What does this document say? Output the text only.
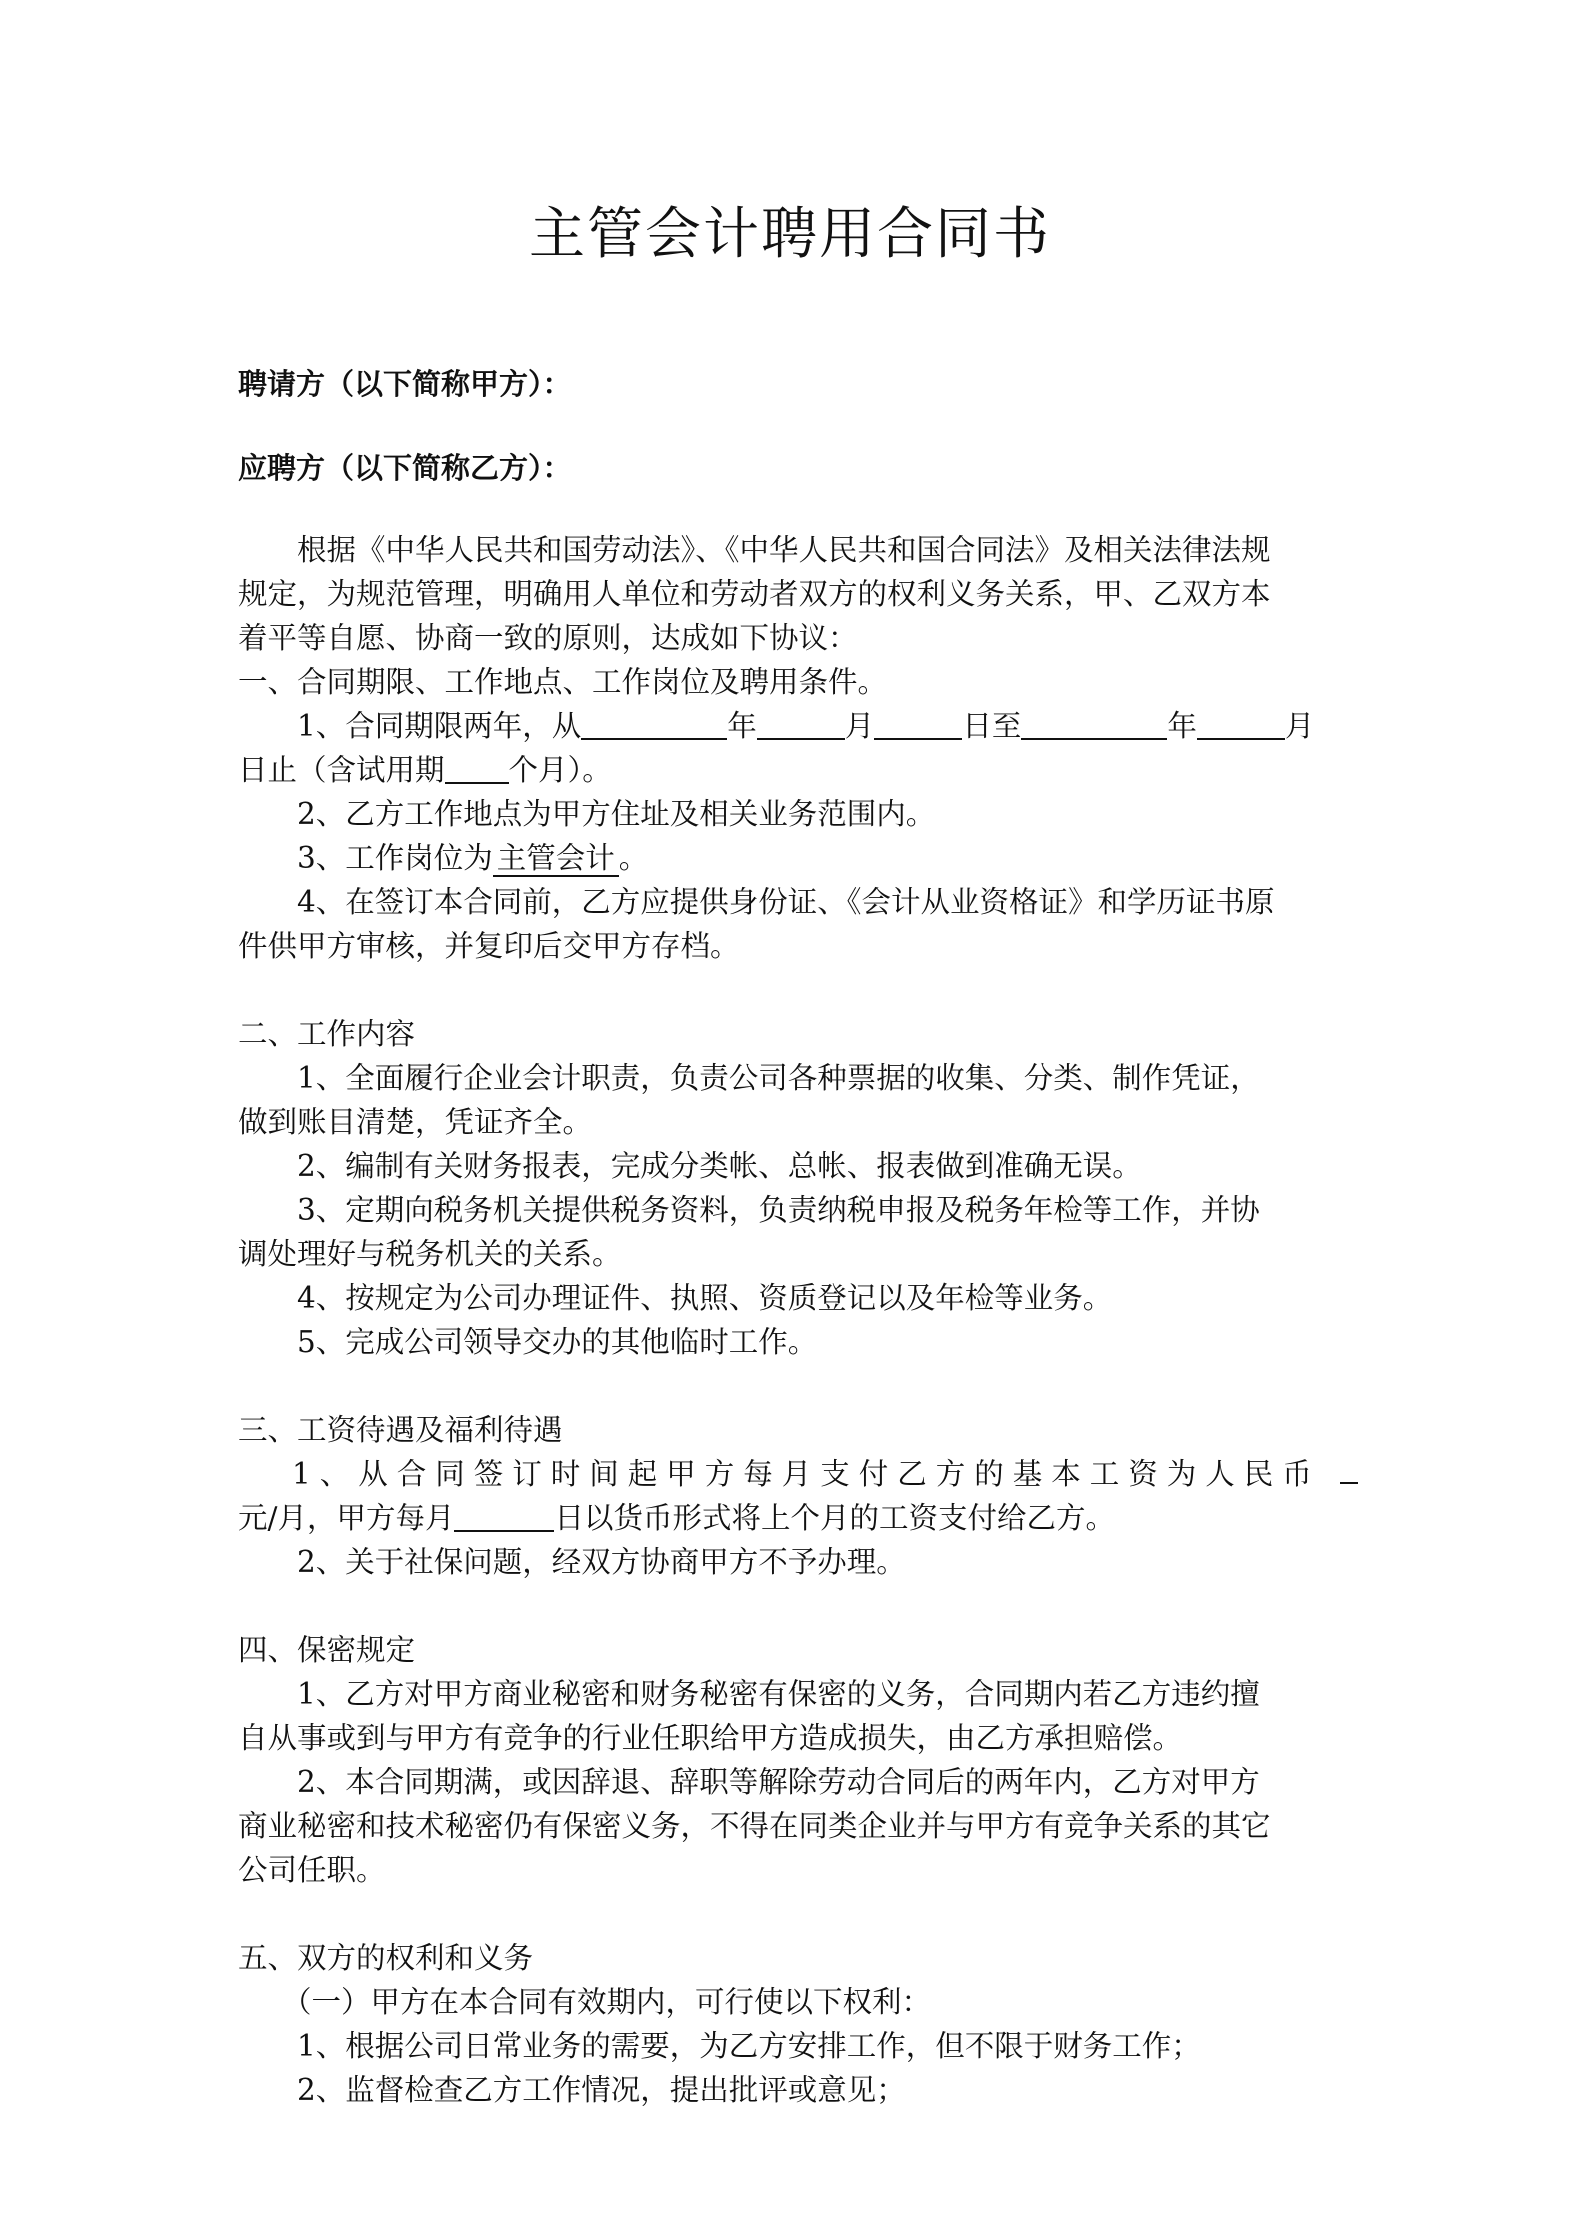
主管会计聘用合同书
聘请方（以下简称甲方）：
应聘方（以下简称乙方）：

根据《中华人民共和国劳动法》、《中华人民共和国合同法》及相关法律法规

规定，为规范管理，明确用人单位和劳动者双方的权利义务关系，甲、乙双方本

着平等自愿、协商一致的原则，达成如下协议：

一、合同期限、工作地点、工作岗位及聘用条件。

1、合同期限两年，从	年	月	日至	年	月

日止（含试用期 个月）。

2、乙方工作地点为甲方住址及相关业务范围内。

3、工作岗位为 主管会计 。

4、在签订本合同前，乙方应提供身份证、《会计从业资格证》和学历证书原

件供甲方审核，并复印后交甲方存档。

二、工作内容

1、全面履行企业会计职责，负责公司各种票据的收集、分类、制作凭证，

做到账目清楚，凭证齐全。

2、编制有关财务报表，完成分类帐、总帐、报表做到准确无误。

3、定期向税务机关提供税务资料，负责纳税申报及税务年检等工作，并协

调处理好与税务机关的关系。

4、按规定为公司办理证件、执照、资质登记以及年检等业务。

5、完成公司领导交办的其他临时工作。

三、工资待遇及福利待遇

1、从合同签订时间起甲方每月支付乙方的基本工资为人民币

元/月，甲方每月	日以货币形式将上个月的工资支付给乙方。

2、关于社保问题，经双方协商甲方不予办理。

四、保密规定

1、乙方对甲方商业秘密和财务秘密有保密的义务，合同期内若乙方违约擅

自从事或到与甲方有竞争的行业任职给甲方造成损失，由乙方承担赔偿。

2、本合同期满，或因辞退、辞职等解除劳动合同后的两年内，乙方对甲方

商业秘密和技术秘密仍有保密义务，不得在同类企业并与甲方有竞争关系的其它

公司任职。

五、双方的权利和义务

（一）甲方在本合同有效期内，可行使以下权利：

1、根据公司日常业务的需要，为乙方安排工作，但不限于财务工作；

2、监督检查乙方工作情况，提出批评或意见；
